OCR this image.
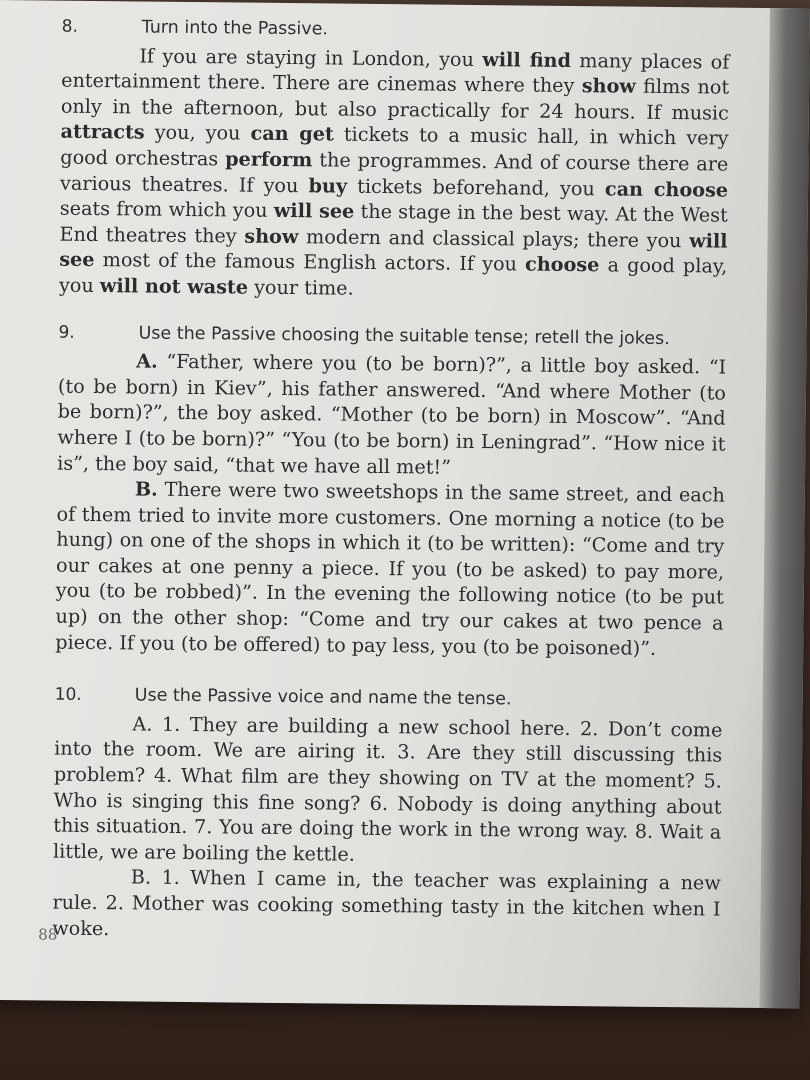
8.	Turn into the Passive.

If you are staying in London, you will find many places of entertainment there. There are cinemas where they show films not only in the afternoon, but also practically for 24 hours. If music attracts you, you can get tickets to a music hall, in which very good orchestras perform the programmes. And of course there are various theatres. If you buy tickets beforehand, you can choose seats from which you will see the stage in the best way. At the West End theatres they show modern and classical plays; there you will see most of the famous English actors. If you choose a good play, you will not waste your time.

9.	Use the Passive choosing the suitable tense; retell the jokes.

A. “Father, where you (to be born)?”, a little boy asked. “I (to be born) in Kiev”, his father answered. “And where Mother (to be born)?”, the boy asked. “Mother (to be born) in Moscow”. “And where I (to be born)?” “You (to be born) in Leningrad”. “How nice it is”, the boy said, “that we have all met!”

B. There were two sweetshops in the same street, and each of them tried to invite more customers. One morning a notice (to be hung) on one of the shops in which it (to be written): “Come and try our cakes at one penny a piece. If you (to be asked) to pay more, you (to be robbed)”. In the evening the following notice (to be put up) on the other shop: “Come and try our cakes at two pence a piece. If you (to be offered) to pay less, you (to be poisoned)”.

10.	Use the Passive voice and name the tense.

A. 1. They are building a new school here. 2. Don’t come into the room. We are airing it. 3. Are they still discussing this problem? 4. What film are they showing on TV at the moment? 5. Who is singing this fine song? 6. Nobody is doing anything about this situation. 7. You are doing the work in the wrong way. 8. Wait a little, we are boiling the kettle.

B. 1. When I came in, the teacher was explaining a new rule. 2. Mother was cooking something tasty in the kitchen when I woke.

88
